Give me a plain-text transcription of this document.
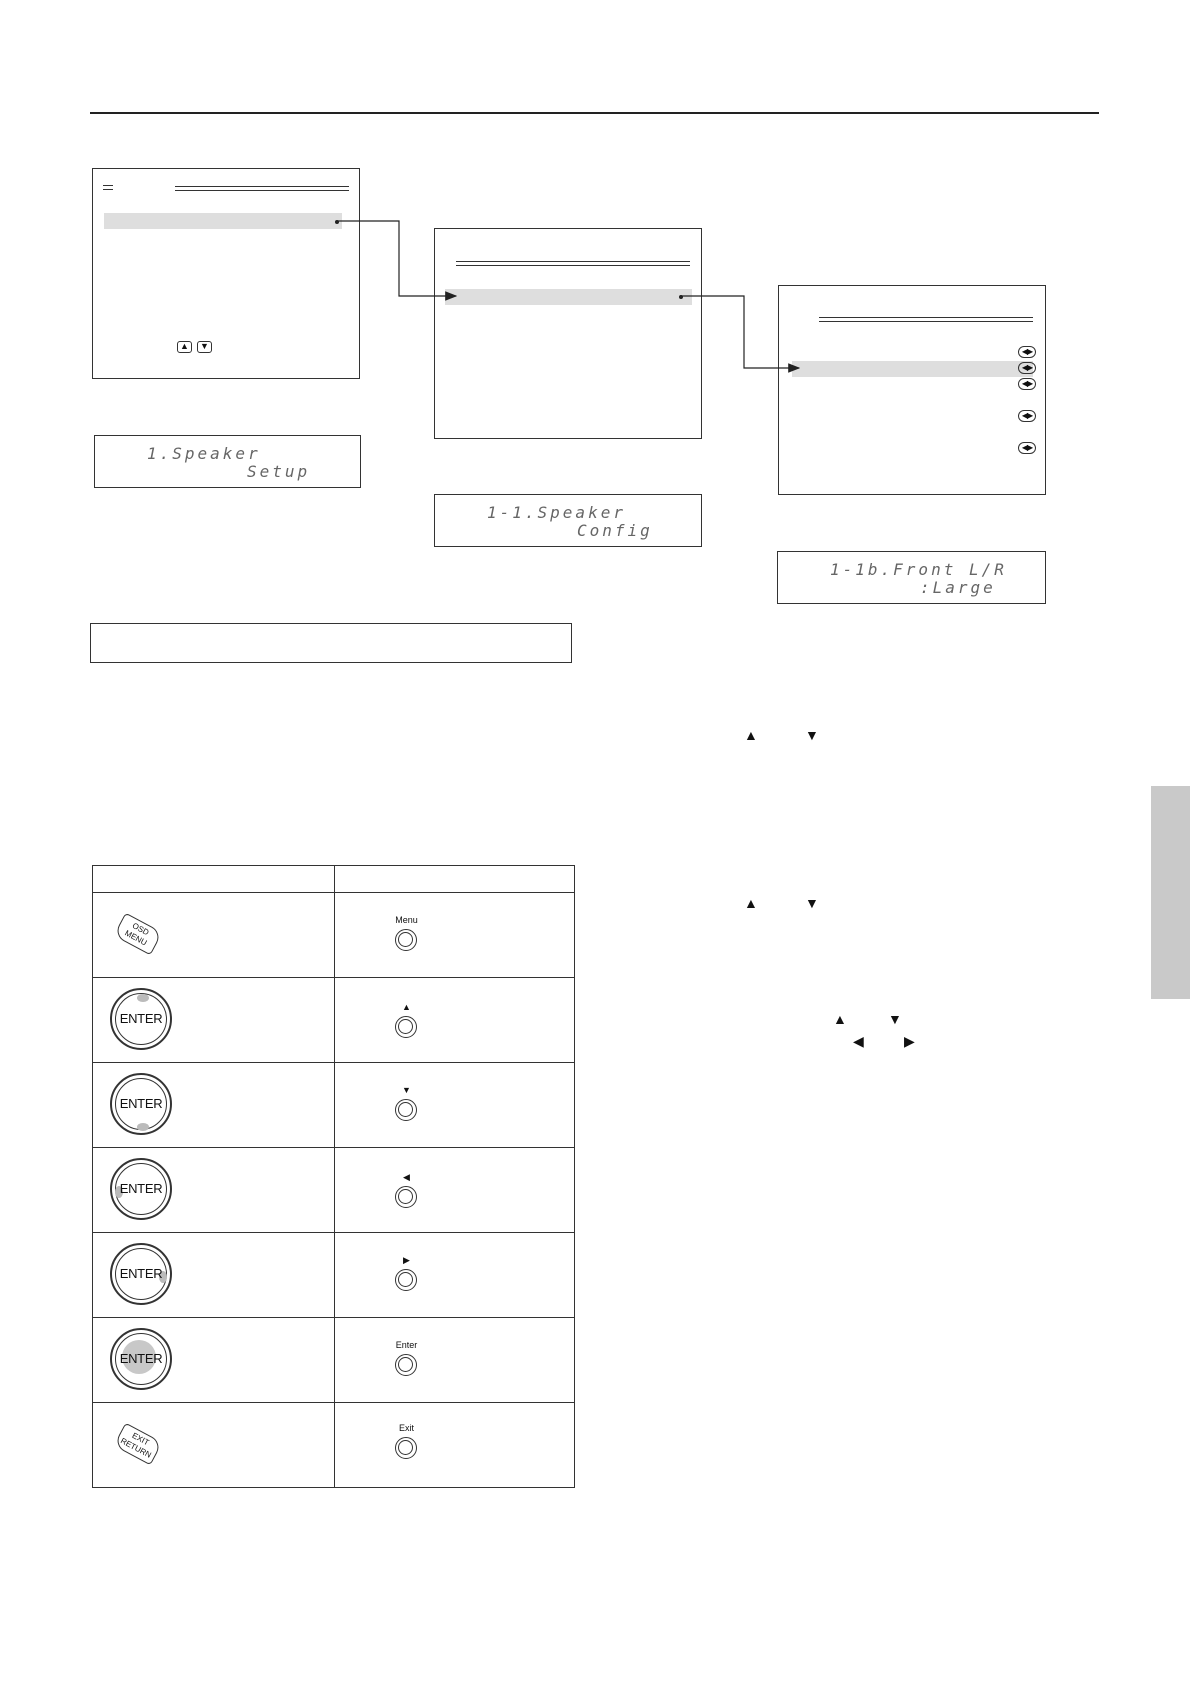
▲	▼
◀▶
◀▶
◀▶
◀▶
◀▶
1.Speaker
Setup
1-1.Speaker
Config
1-1b.Front L/R
:Large
▲	▼
▲	▼
▲	▼
◀	▶

OSD
MENU	Menu

ENTER	▲

ENTER	▼

ENTER	◀

ENTER	▶

ENTER	Enter

EXIT
RETURN	Exit
